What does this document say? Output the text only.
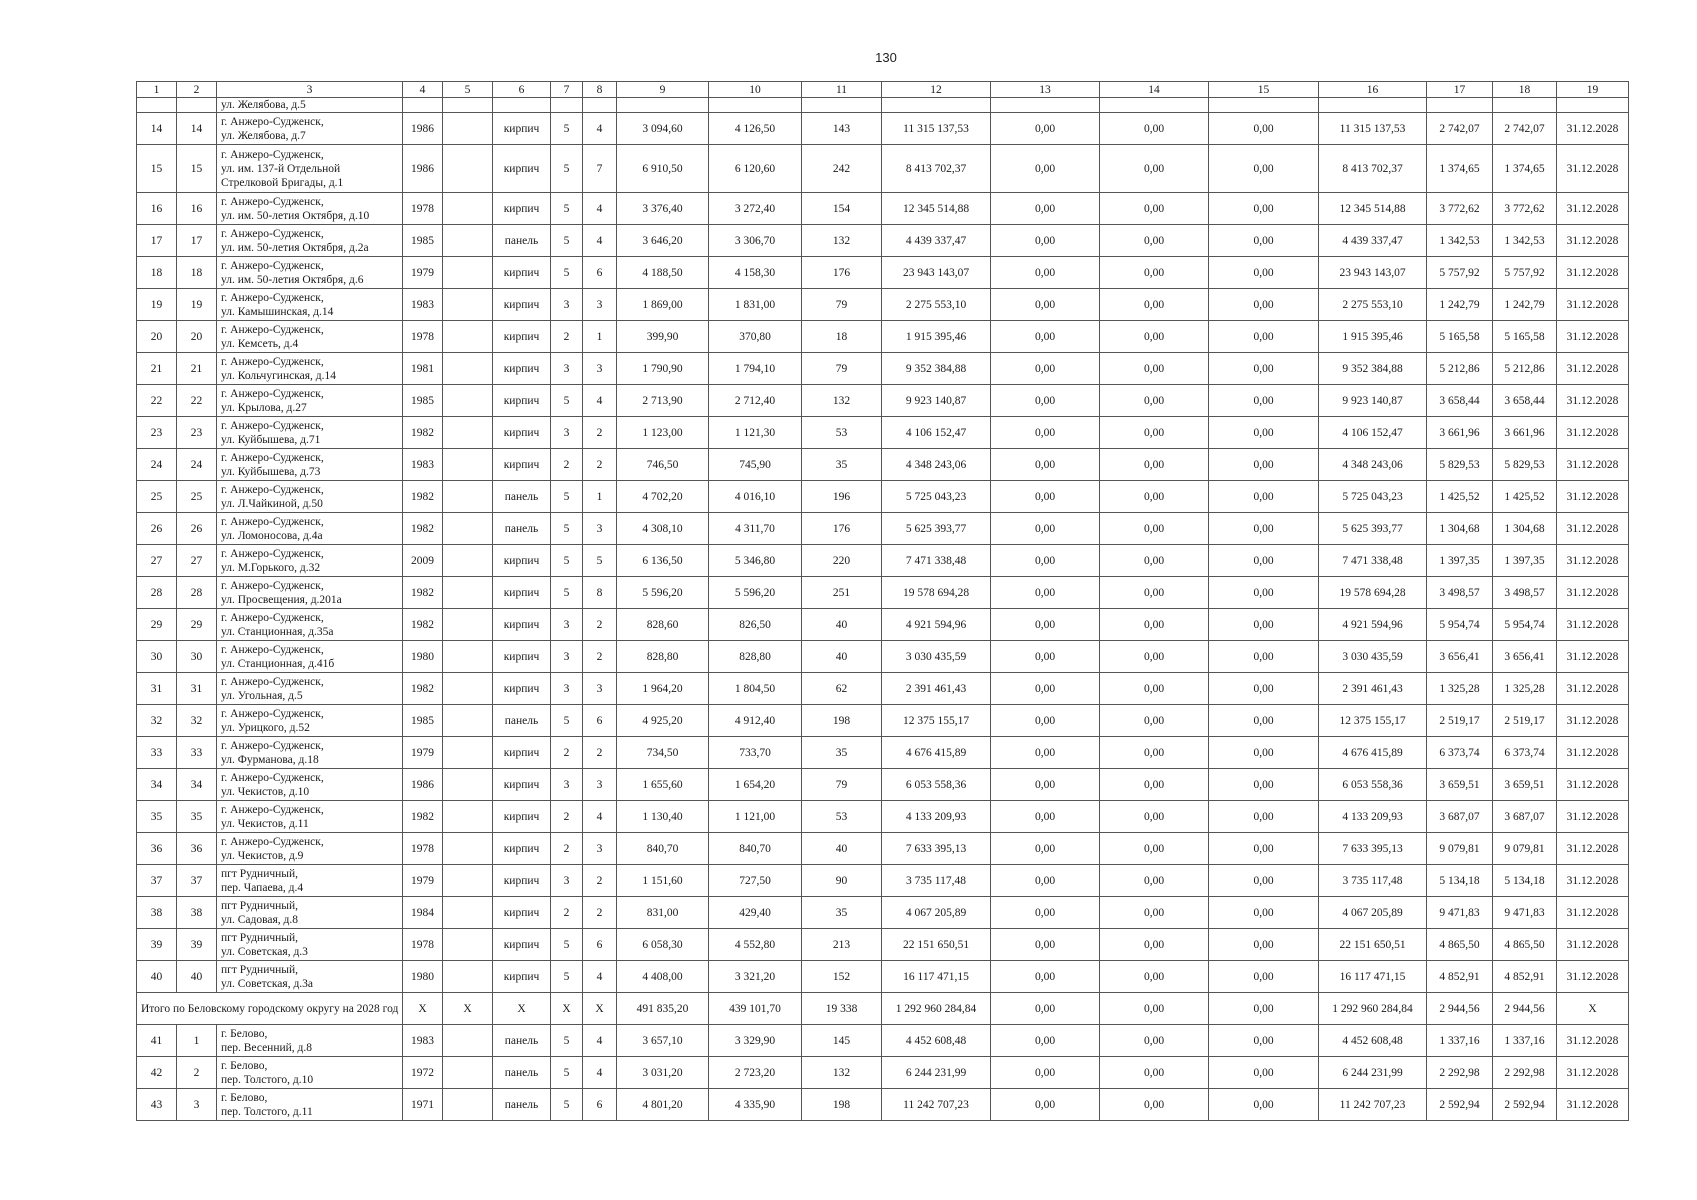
130
1	2	3	4	5	6	7	8	9	10	11	12	13	14	15	16	17	18	19
		ул. Желябова, д.5																
14	14	г. Анжеро-Судженск,
ул. Желябова, д.7	1986		кирпич	5	4	3 094,60	4 126,50	143	11 315 137,53	0,00	0,00	0,00	11 315 137,53	2 742,07	2 742,07	31.12.2028
15	15	г. Анжеро-Судженск,
ул. им. 137-й Отдельной
Стрелковой Бригады, д.1	1986		кирпич	5	7	6 910,50	6 120,60	242	8 413 702,37	0,00	0,00	0,00	8 413 702,37	1 374,65	1 374,65	31.12.2028
16	16	г. Анжеро-Судженск,
ул. им. 50-летия Октября, д.10	1978		кирпич	5	4	3 376,40	3 272,40	154	12 345 514,88	0,00	0,00	0,00	12 345 514,88	3 772,62	3 772,62	31.12.2028
17	17	г. Анжеро-Судженск,
ул. им. 50-летия Октября, д.2а	1985		панель	5	4	3 646,20	3 306,70	132	4 439 337,47	0,00	0,00	0,00	4 439 337,47	1 342,53	1 342,53	31.12.2028
18	18	г. Анжеро-Судженск,
ул. им. 50-летия Октября, д.6	1979		кирпич	5	6	4 188,50	4 158,30	176	23 943 143,07	0,00	0,00	0,00	23 943 143,07	5 757,92	5 757,92	31.12.2028
19	19	г. Анжеро-Судженск,
ул. Камышинская, д.14	1983		кирпич	3	3	1 869,00	1 831,00	79	2 275 553,10	0,00	0,00	0,00	2 275 553,10	1 242,79	1 242,79	31.12.2028
20	20	г. Анжеро-Судженск,
ул. Кемсеть, д.4	1978		кирпич	2	1	399,90	370,80	18	1 915 395,46	0,00	0,00	0,00	1 915 395,46	5 165,58	5 165,58	31.12.2028
21	21	г. Анжеро-Судженск,
ул. Кольчугинская, д.14	1981		кирпич	3	3	1 790,90	1 794,10	79	9 352 384,88	0,00	0,00	0,00	9 352 384,88	5 212,86	5 212,86	31.12.2028
22	22	г. Анжеро-Судженск,
ул. Крылова, д.27	1985		кирпич	5	4	2 713,90	2 712,40	132	9 923 140,87	0,00	0,00	0,00	9 923 140,87	3 658,44	3 658,44	31.12.2028
23	23	г. Анжеро-Судженск,
ул. Куйбышева, д.71	1982		кирпич	3	2	1 123,00	1 121,30	53	4 106 152,47	0,00	0,00	0,00	4 106 152,47	3 661,96	3 661,96	31.12.2028
24	24	г. Анжеро-Судженск,
ул. Куйбышева, д.73	1983		кирпич	2	2	746,50	745,90	35	4 348 243,06	0,00	0,00	0,00	4 348 243,06	5 829,53	5 829,53	31.12.2028
25	25	г. Анжеро-Судженск,
ул. Л.Чайкиной, д.50	1982		панель	5	1	4 702,20	4 016,10	196	5 725 043,23	0,00	0,00	0,00	5 725 043,23	1 425,52	1 425,52	31.12.2028
26	26	г. Анжеро-Судженск,
ул. Ломоносова, д.4а	1982		панель	5	3	4 308,10	4 311,70	176	5 625 393,77	0,00	0,00	0,00	5 625 393,77	1 304,68	1 304,68	31.12.2028
27	27	г. Анжеро-Судженск,
ул. М.Горького, д.32	2009		кирпич	5	5	6 136,50	5 346,80	220	7 471 338,48	0,00	0,00	0,00	7 471 338,48	1 397,35	1 397,35	31.12.2028
28	28	г. Анжеро-Судженск,
ул. Просвещения, д.201а	1982		кирпич	5	8	5 596,20	5 596,20	251	19 578 694,28	0,00	0,00	0,00	19 578 694,28	3 498,57	3 498,57	31.12.2028
29	29	г. Анжеро-Судженск,
ул. Станционная, д.35а	1982		кирпич	3	2	828,60	826,50	40	4 921 594,96	0,00	0,00	0,00	4 921 594,96	5 954,74	5 954,74	31.12.2028
30	30	г. Анжеро-Судженск,
ул. Станционная, д.41б	1980		кирпич	3	2	828,80	828,80	40	3 030 435,59	0,00	0,00	0,00	3 030 435,59	3 656,41	3 656,41	31.12.2028
31	31	г. Анжеро-Судженск,
ул. Угольная, д.5	1982		кирпич	3	3	1 964,20	1 804,50	62	2 391 461,43	0,00	0,00	0,00	2 391 461,43	1 325,28	1 325,28	31.12.2028
32	32	г. Анжеро-Судженск,
ул. Урицкого, д.52	1985		панель	5	6	4 925,20	4 912,40	198	12 375 155,17	0,00	0,00	0,00	12 375 155,17	2 519,17	2 519,17	31.12.2028
33	33	г. Анжеро-Судженск,
ул. Фурманова, д.18	1979		кирпич	2	2	734,50	733,70	35	4 676 415,89	0,00	0,00	0,00	4 676 415,89	6 373,74	6 373,74	31.12.2028
34	34	г. Анжеро-Судженск,
ул. Чекистов, д.10	1986		кирпич	3	3	1 655,60	1 654,20	79	6 053 558,36	0,00	0,00	0,00	6 053 558,36	3 659,51	3 659,51	31.12.2028
35	35	г. Анжеро-Судженск,
ул. Чекистов, д.11	1982		кирпич	2	4	1 130,40	1 121,00	53	4 133 209,93	0,00	0,00	0,00	4 133 209,93	3 687,07	3 687,07	31.12.2028
36	36	г. Анжеро-Судженск,
ул. Чекистов, д.9	1978		кирпич	2	3	840,70	840,70	40	7 633 395,13	0,00	0,00	0,00	7 633 395,13	9 079,81	9 079,81	31.12.2028
37	37	пгт Рудничный,
пер. Чапаева, д.4	1979		кирпич	3	2	1 151,60	727,50	90	3 735 117,48	0,00	0,00	0,00	3 735 117,48	5 134,18	5 134,18	31.12.2028
38	38	пгт Рудничный,
ул. Садовая, д.8	1984		кирпич	2	2	831,00	429,40	35	4 067 205,89	0,00	0,00	0,00	4 067 205,89	9 471,83	9 471,83	31.12.2028
39	39	пгт Рудничный,
ул. Советская, д.3	1978		кирпич	5	6	6 058,30	4 552,80	213	22 151 650,51	0,00	0,00	0,00	22 151 650,51	4 865,50	4 865,50	31.12.2028
40	40	пгт Рудничный,
ул. Советская, д.3а	1980		кирпич	5	4	4 408,00	3 321,20	152	16 117 471,15	0,00	0,00	0,00	16 117 471,15	4 852,91	4 852,91	31.12.2028
Итого по Беловскому городскому округу на 2028 год			X	X	X	X	X	491 835,20	439 101,70	19 338	1 292 960 284,84	0,00	0,00	0,00	1 292 960 284,84	2 944,56	2 944,56	X
41	1	г. Белово,
пер. Весенний, д.8	1983		панель	5	4	3 657,10	3 329,90	145	4 452 608,48	0,00	0,00	0,00	4 452 608,48	1 337,16	1 337,16	31.12.2028
42	2	г. Белово,
пер. Толстого, д.10	1972		панель	5	4	3 031,20	2 723,20	132	6 244 231,99	0,00	0,00	0,00	6 244 231,99	2 292,98	2 292,98	31.12.2028
43	3	г. Белово,
пер. Толстого, д.11	1971		панель	5	6	4 801,20	4 335,90	198	11 242 707,23	0,00	0,00	0,00	11 242 707,23	2 592,94	2 592,94	31.12.2028
